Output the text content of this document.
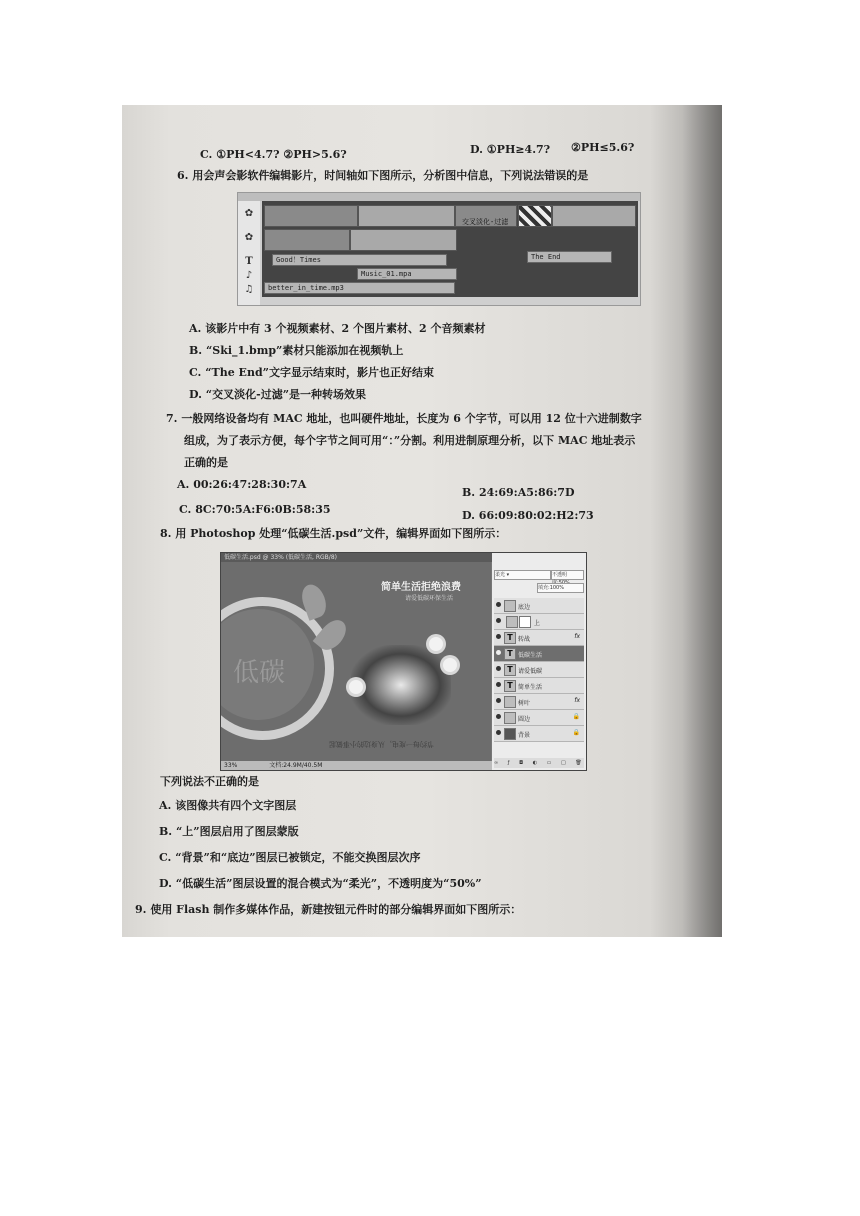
C. ①PH<4.7? ②PH>5.6?	D. ①PH≥4.7? ②PH≤5.6?
6. 用会声会影软件编辑影片，时间轴如下图所示，分析图中信息，下列说法错误的是
✿
✿
T
♪
♫
交叉淡化-过滤
Good！Times	The End
Music_01.mpa
better_in_time.mp3
A. 该影片中有 3 个视频素材、2 个图片素材、2 个音频素材
B. “Ski_1.bmp”素材只能添加在视频轨上
C. “The End”文字显示结束时，影片也正好结束
D. “交叉淡化-过滤”是一种转场效果
7. 一般网络设备均有 MAC 地址，也叫硬件地址，长度为 6 个字节，可以用 12 位十六进制数字
组成，为了表示方便，每个字节之间可用“：”分割。利用进制原理分析，以下 MAC 地址表示
正确的是
A. 00:26:47:28:30:7A
B. 24:69:A5:86:7D
C. 8C:70:5A:F6:0B:58:35	D. 66:09:80:02:H2:73
8. 用 Photoshop 处理“低碳生活.psd”文件，编辑界面如下图所示：
低碳生活.psd @ 33% (低碳生活, RGB/8)
低碳
简单生活拒绝浪费
请爱低碳环保生活
节约每一度电，从身边的小事做起
33%	文档:24.9M/40.5M
柔光 ▾	不透明
填充:100%
底边
上
T 转战	fx
T 低碳生活
T 请爱低碳
T 简单生活
树叶	fx
圆边	🔒
背景	🔒
∞ ƒ ◘ ◐ ▭ □ 🗑
下列说法不正确的是
A. 该图像共有四个文字图层
B. “上”图层启用了图层蒙版
C. “背景”和“底边”图层已被锁定，不能交换图层次序
D. “低碳生活”图层设置的混合模式为“柔光”，不透明度为“50%”
9. 使用 Flash 制作多媒体作品，新建按钮元件时的部分编辑界面如下图所示：
